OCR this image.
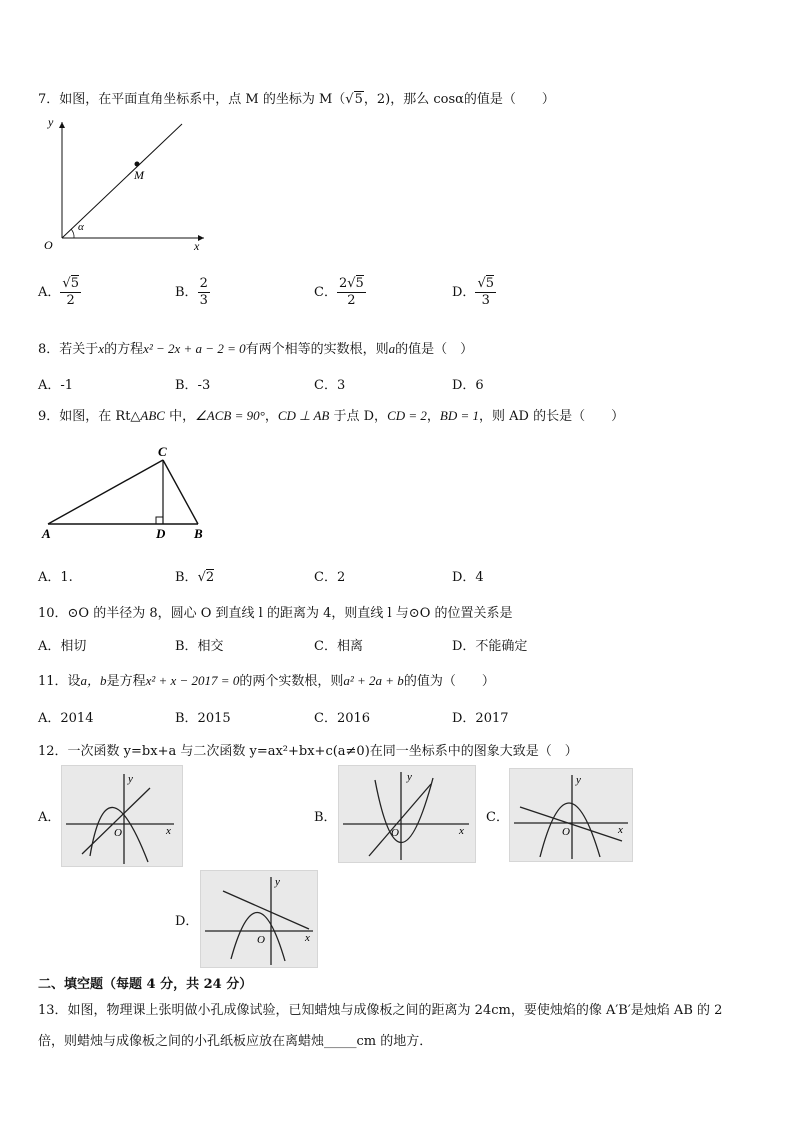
7．如图，在平面直角坐标系中，点 M 的坐标为 M（√5，2)，那么 cosα的值是（　　）
y
x
O
M
α
A． $\frac{√5}{2}$	B． $\frac{2}{3}$	C． $\frac{2√5}{2}$	D． $\frac{√5}{3}$
8．若关于x的方程x² − 2x + a − 2 = 0有两个相等的实数根，则a的值是（　）
A．-1	B．-3	C．3	D．6
9．如图，在 Rt△ABC 中，∠ACB = 90°，CD ⊥ AB 于点 D，CD = 2，BD = 1，则 AD 的长是（　　）
A	B
C
D
A．1.	B．√2	C．2	D．4
10．⊙O 的半径为 8，圆心 O 到直线 l 的距离为 4，则直线 l 与⊙O 的位置关系是
A．相切	B．相交	C．相离	D．不能确定
11．设a，b是方程x² + x − 2017 = 0的两个实数根，则a² + 2a + b的值为（　　）
A．2014	B．2015	C．2016	D．2017
12．一次函数 y=bx+a 与二次函数 y=ax²+bx+c(a≠0)在同一坐标系中的图象大致是（　）
A．
y
x
O
B．
y
x
O
C．
y
x
O
D．
y
x
O
二、填空题（每题 4 分，共 24 分）
13．如图，物理课上张明做小孔成像试验，已知蜡烛与成像板之间的距离为 24cm，要使烛焰的像 A′B′是烛焰 AB 的 2
倍，则蜡烛与成像板之间的小孔纸板应放在离蜡烛_____cm 的地方．
